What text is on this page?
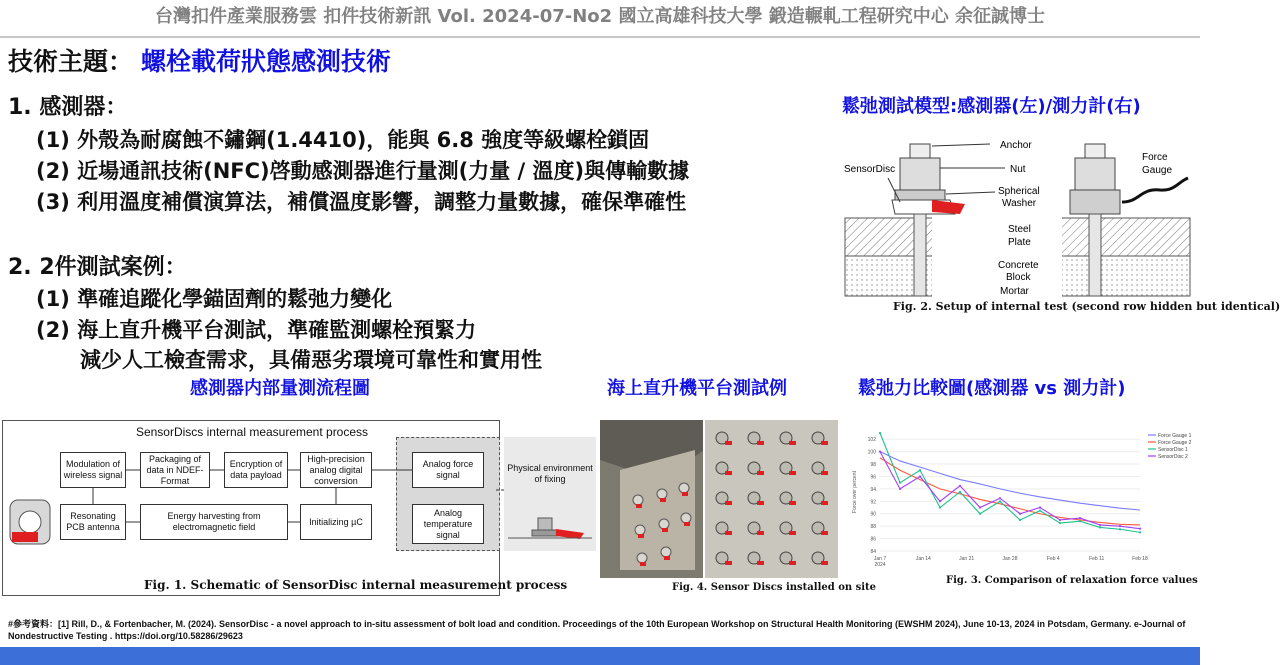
台灣扣件產業服務雲 扣件技術新訊 Vol. 2024-07-No2 國立高雄科技大學 鍛造輾軋工程研究中心 余征誠博士
技術主題： 螺栓載荷狀態感測技術
1. 感測器：
(1) 外殼為耐腐蝕不鏽鋼(1.4410)，能與 6.8 強度等級螺栓鎖固
(2) 近場通訊技術(NFC)啓動感測器進行量測(力量 / 溫度)與傳輸數據
(3) 利用溫度補償演算法，補償溫度影響，調整力量數據，確保準確性
2. 2件測試案例：
(1) 準確追蹤化學錨固劑的鬆弛力變化
(2) 海上直升機平台測試，準確監測螺栓預緊力
減少人工檢查需求，具備惡劣環境可靠性和實用性
鬆弛測試模型:感測器(左)/測力計(右)
感測器内部量測流程圖	海上直升機平台測試例	鬆弛力比較圖(感測器 vs 測力計)
Anchor
Nut
SensorDisc
Spherical
Washer
Force
Gauge
Steel
Plate
Concrete
Block
Mortar
Fig. 2. Setup of internal test (second row hidden but identical)
SensorDiscs internal measurement process
Modulation of wireless signal
Packaging of data in NDEF-Format
Encryption of data payload
High-precision analog digital conversion
Resonating PCB antenna
Energy harvesting from electromagnetic field
Initializing µC
Analog force signal
Analog temperature signal
Physical environment of fixing
Fig. 1. Schematic of SensorDisc internal measurement process	Fig. 4. Sensor Discs installed on site
84
86
88
90
92
94
96
98
100
102
Jan 7
2024
Jan 14	Jan 21	Jan 28	Feb 4	Feb 11	Feb 18
Force over percent
Force Gauge 1
Force Gauge 2
SensorDisc 1
SensorDisc 2
Fig. 3. Comparison of relaxation force values
#參考資料：[1] Rill, D., & Fortenbacher, M. (2024). SensorDisc - a novel approach to in-situ assessment of bolt load and condition. Proceedings of the 10th European Workshop on Structural Health Monitoring (EWSHM 2024), June 10-13, 2024 in Potsdam, Germany. e-Journal of Nondestructive Testing . https://doi.org/10.58286/29623
